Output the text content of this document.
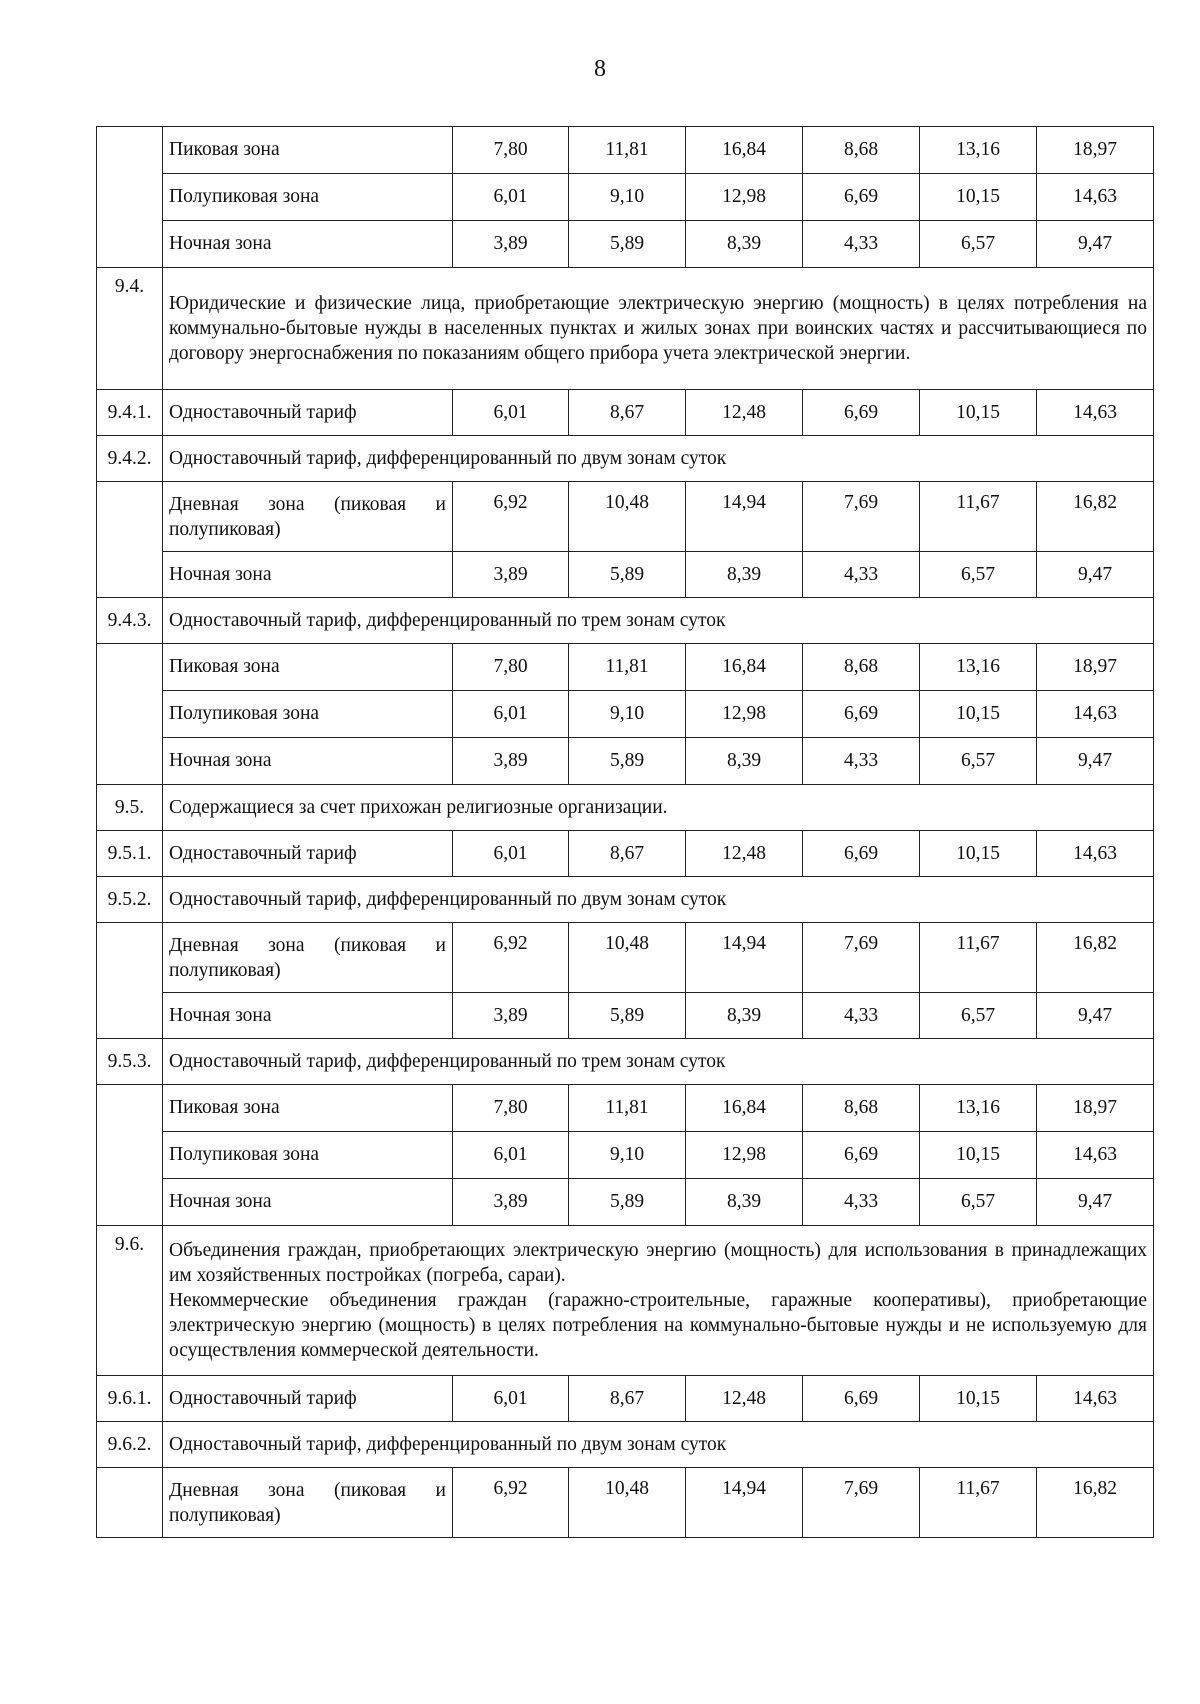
8
	Пиковая зона	7,80	11,81	16,84	8,68	13,16	18,97
	Полупиковая зона	6,01	9,10	12,98	6,69	10,15	14,63
	Ночная зона	3,89	5,89	8,39	4,33	6,57	9,47
9.4.	Юридические и физические лица, приобретающие электрическую энергию (мощность) в целях потребления на коммунально-бытовые нужды в населенных пунктах и жилых зонах при воинских частях и рассчитывающиеся по договору энергоснабжения по показаниям общего прибора учета электрической энергии.						
9.4.1.	Одноставочный тариф	6,01	8,67	12,48	6,69	10,15	14,63
9.4.2.	Одноставочный тариф, дифференцированный по двум зонам суток						
	Дневная зона (пиковая и полупиковая)	6,92	10,48	14,94	7,69	11,67	16,82
	Ночная зона	3,89	5,89	8,39	4,33	6,57	9,47
9.4.3.	Одноставочный тариф, дифференцированный по трем зонам суток						
	Пиковая зона	7,80	11,81	16,84	8,68	13,16	18,97
	Полупиковая зона	6,01	9,10	12,98	6,69	10,15	14,63
	Ночная зона	3,89	5,89	8,39	4,33	6,57	9,47
9.5.	Содержащиеся за счет прихожан религиозные организации.						
9.5.1.	Одноставочный тариф	6,01	8,67	12,48	6,69	10,15	14,63
9.5.2.	Одноставочный тариф, дифференцированный по двум зонам суток						
	Дневная зона (пиковая и полупиковая)	6,92	10,48	14,94	7,69	11,67	16,82
	Ночная зона	3,89	5,89	8,39	4,33	6,57	9,47
9.5.3.	Одноставочный тариф, дифференцированный по трем зонам суток						
	Пиковая зона	7,80	11,81	16,84	8,68	13,16	18,97
	Полупиковая зона	6,01	9,10	12,98	6,69	10,15	14,63
	Ночная зона	3,89	5,89	8,39	4,33	6,57	9,47
9.6.	Объединения граждан, приобретающих электрическую энергию (мощность) для использования в принадлежащих им хозяйственных постройках (погреба, сараи).
Некоммерческие объединения граждан (гаражно-строительные, гаражные кооперативы), приобретающие электрическую энергию (мощность) в целях потребления на коммунально-бытовые нужды и не используемую для осуществления коммерческой деятельности.						

9.6.1.	Одноставочный тариф	6,01	8,67	12,48	6,69	10,15	14,63
9.6.2.	Одноставочный тариф, дифференцированный по двум зонам суток						
	Дневная зона (пиковая и полупиковая)	6,92	10,48	14,94	7,69	11,67	16,82
